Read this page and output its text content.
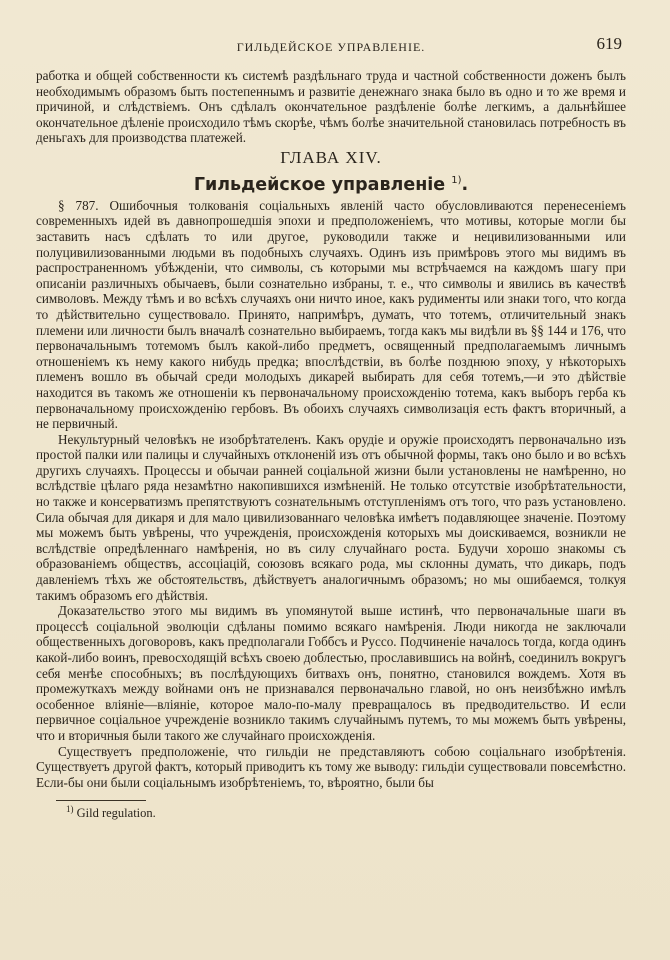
ГИЛЬДЕЙСКОЕ УПРАВЛЕНІЕ.	619

работка и общей собственности къ системѣ раздѣльнаго труда и частной собственности доженъ былъ необходимымъ образомъ быть постепеннымъ и развитіе денежнаго знака было въ одно и то же время и причиной, и слѣдствіемъ. Онъ сдѣлалъ окончательное раздѣленіе болѣе легкимъ, а дальнѣйшее окончательное дѣленіе происходило тѣмъ скорѣе, чѣмъ болѣе значительной становилась потребность въ деньгахъ для производства платежей.

ГЛАВА XIV.
Гильдейское управленіе $^{1)}$.

§ 787. Ошибочныя толкованія соціальныхъ явленій часто обусловливаются перенесеніемъ современныхъ идей въ давнопрошедшія эпохи и предположеніемъ, что мотивы, которые могли бы заставить насъ сдѣлать то или другое, руководили также и нецивилизованными или полуцивилизованными людьми въ подобныхъ случаяхъ. Одинъ изъ примѣровъ этого мы видимъ въ распространенномъ убѣжденіи, что символы, съ которыми мы встрѣчаемся на каждомъ шагу при описаніи различныхъ обычаевъ, были сознательно избраны, т. е., что символы и явились въ качествѣ символовъ. Между тѣмъ и во всѣхъ случаяхъ они ничто иное, какъ рудименты или знаки того, что когда то дѣйствительно существовало. Принято, напримѣръ, думать, что тотемъ, отличительный знакъ племени или личности былъ вначалѣ сознательно выбираемъ, тогда какъ мы видѣли въ §§ 144 и 176, что первоначальнымъ тотемомъ былъ какой-либо предметъ, освященный предполагаемымъ личнымъ отношеніемъ къ нему какого нибудь предка; впослѣдствіи, въ болѣе позднюю эпоху, у нѣкоторыхъ племенъ вошло въ обычай среди молодыхъ дикарей выбирать для себя тотемъ,—и это дѣйствіе находится въ такомъ же отношеніи къ первоначальному происхожденію тотема, какъ выборъ герба къ первоначальному происхожденію гербовъ. Въ обоихъ случаяхъ символизація есть фактъ вторичный, а не первичный.

Некультурный человѣкъ не изобрѣтателенъ. Какъ орудіе и оружіе происходятъ первоначально изъ простой палки или палицы и случайныхъ отклоненій изъ отъ обычной формы, такъ оно было и во всѣхъ другихъ случаяхъ. Процессы и обычаи ранней соціальной жизни были установлены не намѣренно, но вслѣдствіе цѣлаго ряда незамѣтно накопившихся измѣненій. Не только отсутствіе изобрѣтательности, но также и консерватизмъ препятствуютъ сознательнымъ отступленіямъ отъ того, что разъ установлено. Сила обычая для дикаря и для мало цивилизованнаго человѣка имѣетъ подавляющее значеніе. Поэтому мы можемъ быть увѣрены, что учрежденія, происхожденія которыхъ мы доискиваемся, возникли не вслѣдствіе опредѣленнаго намѣренія, но въ силу случайнаго роста. Будучи хорошо знакомы съ образованіемъ обществъ, ассоціацій, союзовъ всякаго рода, мы склонны думать, что дикарь, подъ давленіемъ тѣхъ же обстоятельствъ, дѣйствуетъ аналогичнымъ образомъ; но мы ошибаемся, толкуя такимъ образомъ его дѣйствія.

Доказательство этого мы видимъ въ упомянутой выше истинѣ, что первоначальные шаги въ процессѣ соціальной эволюціи сдѣланы помимо всякаго намѣренія. Люди никогда не заключали общественныхъ договоровъ, какъ предполагали Гоббсъ и Руссо. Подчиненіе началось тогда, когда одинъ какой-либо воинъ, превосходящій всѣхъ своею доблестью, прославившись на войнѣ, соединилъ вокругъ себя менѣе способныхъ; въ послѣдующихъ битвахъ онъ, понятно, становился вождемъ. Хотя въ промежуткахъ между войнами онъ не признавался первоначально главой, но онъ неизбѣжно имѣлъ особенное вліяніе—вліяніе, которое мало-по-малу превращалось въ предводительство. И если первичное соціальное учрежденіе возникло такимъ случайнымъ путемъ, то мы можемъ быть увѣрены, что и вторичныя были такого же случайнаго происхожденія.

Существуетъ предположеніе, что гильдіи не представляютъ собою соціальнаго изобрѣтенія. Существуетъ другой фактъ, который приводитъ къ тому же выводу: гильдіи существовали повсемѣстно. Если-бы они были соціальнымъ изобрѣтеніемъ, то, вѣроятно, были бы

$^{1)}$ Gild regulation.
